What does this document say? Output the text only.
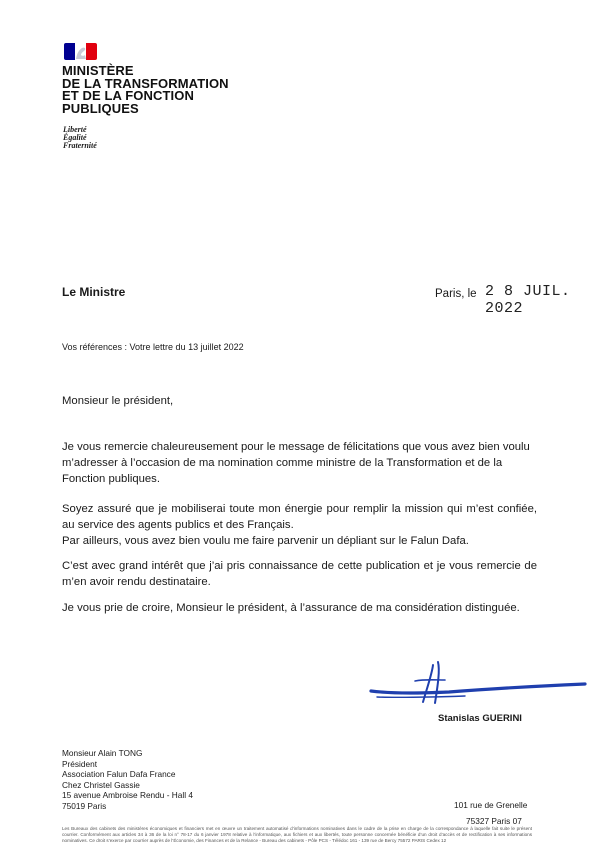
MINISTÈRE
DE LA TRANSFORMATION
ET DE LA FONCTION
PUBLIQUES
Liberté
Égalité
Fraternité
Le Ministre	Paris, le 2 8 JUIL. 2022
Vos références : Votre lettre du 13 juillet 2022
Monsieur le président,
Je vous remercie chaleureusement pour le message de félicitations que vous avez bien voulu m’adresser à l’occasion de ma nomination comme ministre de la Transformation et de la Fonction publiques.
Soyez assuré que je mobiliserai toute mon énergie pour remplir la mission qui m’est confiée, au service des agents publics et des Français.
Par ailleurs, vous avez bien voulu me faire parvenir un dépliant sur le Falun Dafa.
C’est avec grand intérêt que j’ai pris connaissance de cette publication et je vous remercie de m’en avoir rendu destinataire.
Je vous prie de croire, Monsieur le président, à l’assurance de ma considération distinguée.
Stanislas GUERINI
Monsieur Alain TONG
Président
Association Falun Dafa France
Chez Christel Gassie
15 avenue Ambroise Rendu - Hall 4
75019 Paris	101 rue de Grenelle
75327 Paris 07
Les Bureaux des cabinets des ministères économiques et financiers met en œuvre un traitement automatisé d’informations nominatives dans le cadre de la prise en charge de la correspondance à laquelle fait suite le présent courrier. Conformément aux articles 34 à 36 de la loi n° 78-17 du 6 janvier 1978 relative à l’informatique, aux fichiers et aux libertés, toute personne concernée bénéficie d’un droit d’accès et de rectification à ses informations nominatives. Ce droit s’exerce par courrier auprès de l’Économie, des Finances et de la Relance - Bureau des cabinets - Pôle PCS - Télédoc 161 - 139 rue de Bercy 75572 PARIS Cedex 12
